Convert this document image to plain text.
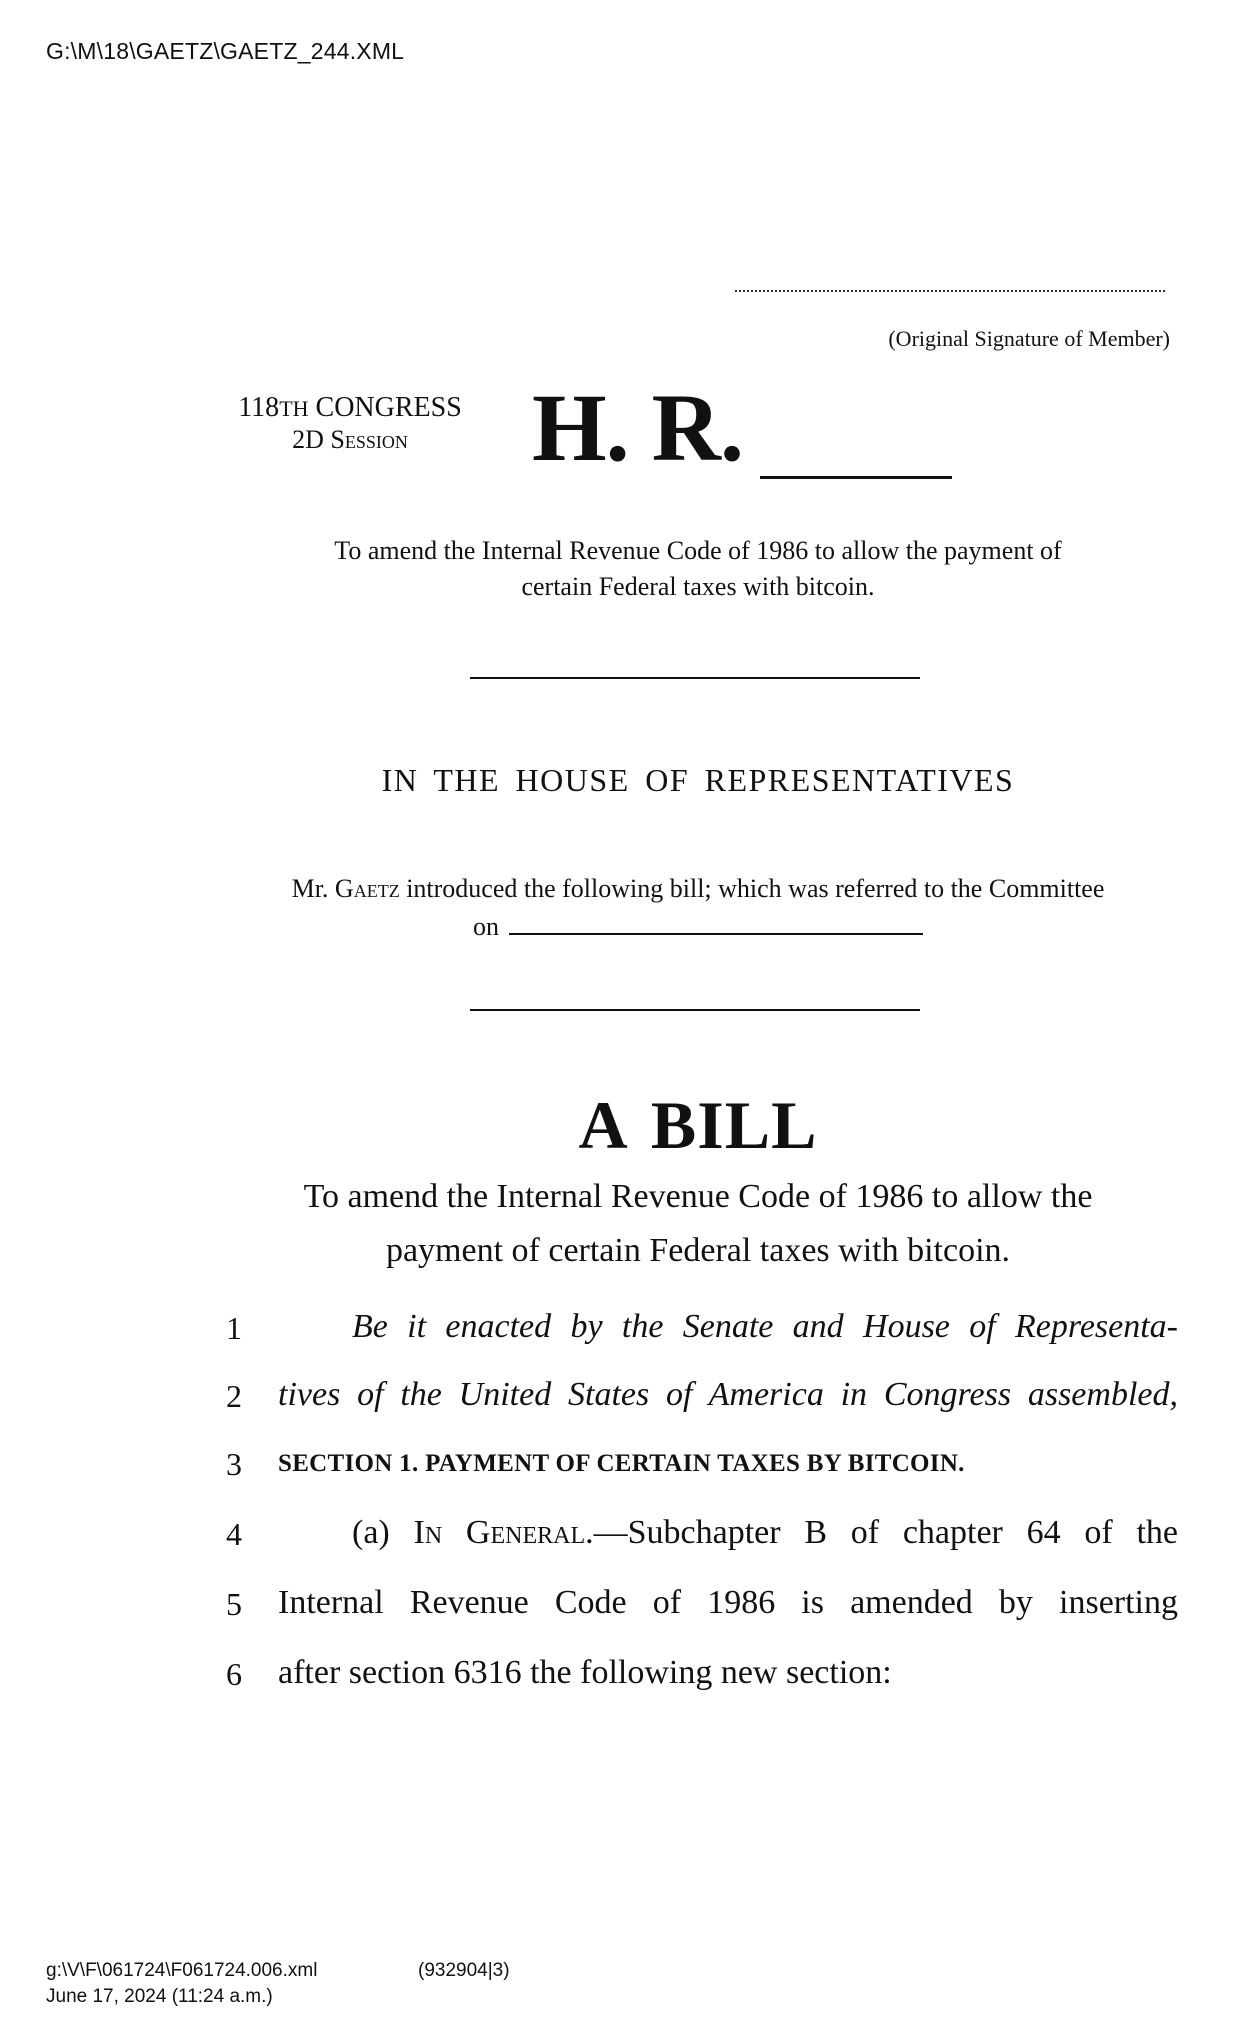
G:\M\18\GAETZ\GAETZ_244.XML
(Original Signature of Member)
118TH CONGRESS
2D Session	H. R.
To amend the Internal Revenue Code of 1986 to allow the payment of
certain Federal taxes with bitcoin.
IN THE HOUSE OF REPRESENTATIVES
Mr. Gaetz introduced the following bill; which was referred to the Committee
on
A BILL
To amend the Internal Revenue Code of 1986 to allow the
payment of certain Federal taxes with bitcoin.
1	Be it enacted by the Senate and House of Representa-
2	tives of the United States of America in Congress assembled,
3	SECTION 1. PAYMENT OF CERTAIN TAXES BY BITCOIN.
4	(a) In General.—Subchapter B of chapter 64 of the
5	Internal Revenue Code of 1986 is amended by inserting
6	after section 6316 the following new section:
g:\V\F\061724\F061724.006.xml	(932904|3)
June 17, 2024 (11:24 a.m.)
